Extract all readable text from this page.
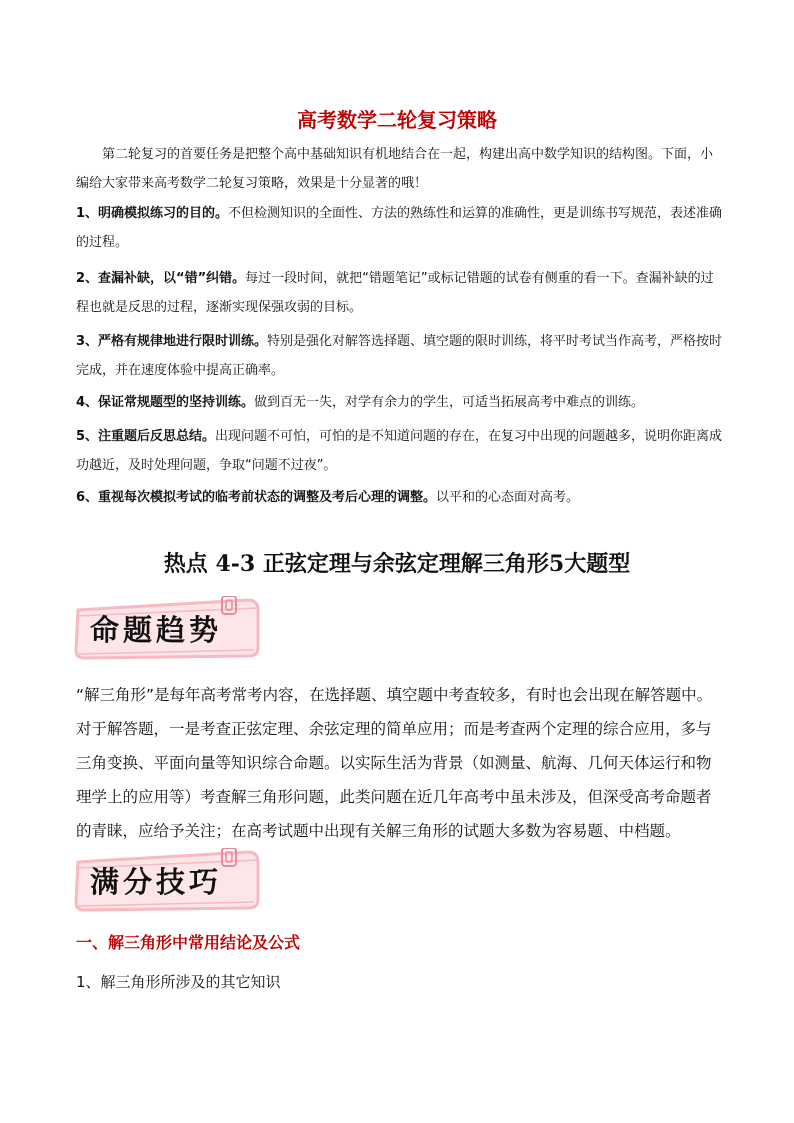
高考数学二轮复习策略
第二轮复习的首要任务是把整个高中基础知识有机地结合在一起，构建出高中数学知识的结构图。下面，小编给大家带来高考数学二轮复习策略，效果是十分显著的哦！
1、明确模拟练习的目的。不但检测知识的全面性、方法的熟练性和运算的准确性，更是训练书写规范，表述准确的过程。
2、查漏补缺，以“错”纠错。每过一段时间，就把“错题笔记”或标记错题的试卷有侧重的看一下。查漏补缺的过程也就是反思的过程，逐渐实现保强攻弱的目标。
3、严格有规律地进行限时训练。特别是强化对解答选择题、填空题的限时训练，将平时考试当作高考，严格按时完成，并在速度体验中提高正确率。
4、保证常规题型的坚持训练。做到百无一失，对学有余力的学生，可适当拓展高考中难点的训练。
5、注重题后反思总结。出现问题不可怕，可怕的是不知道问题的存在，在复习中出现的问题越多，说明你距离成功越近，及时处理问题，争取“问题不过夜”。
6、重视每次模拟考试的临考前状态的调整及考后心理的调整。以平和的心态面对高考。
热点 4-3 正弦定理与余弦定理解三角形5大题型
命题趋势
“解三角形”是每年高考常考内容，在选择题、填空题中考查较多，有时也会出现在解答题中。对于解答题，一是考查正弦定理、余弦定理的简单应用；而是考查两个定理的综合应用，多与三角变换、平面向量等知识综合命题。以实际生活为背景（如测量、航海、几何天体运行和物理学上的应用等）考查解三角形问题，此类问题在近几年高考中虽未涉及，但深受高考命题者的青睐，应给予关注；在高考试题中出现有关解三角形的试题大多数为容易题、中档题。
满分技巧
一、解三角形中常用结论及公式
1、解三角形所涉及的其它知识
